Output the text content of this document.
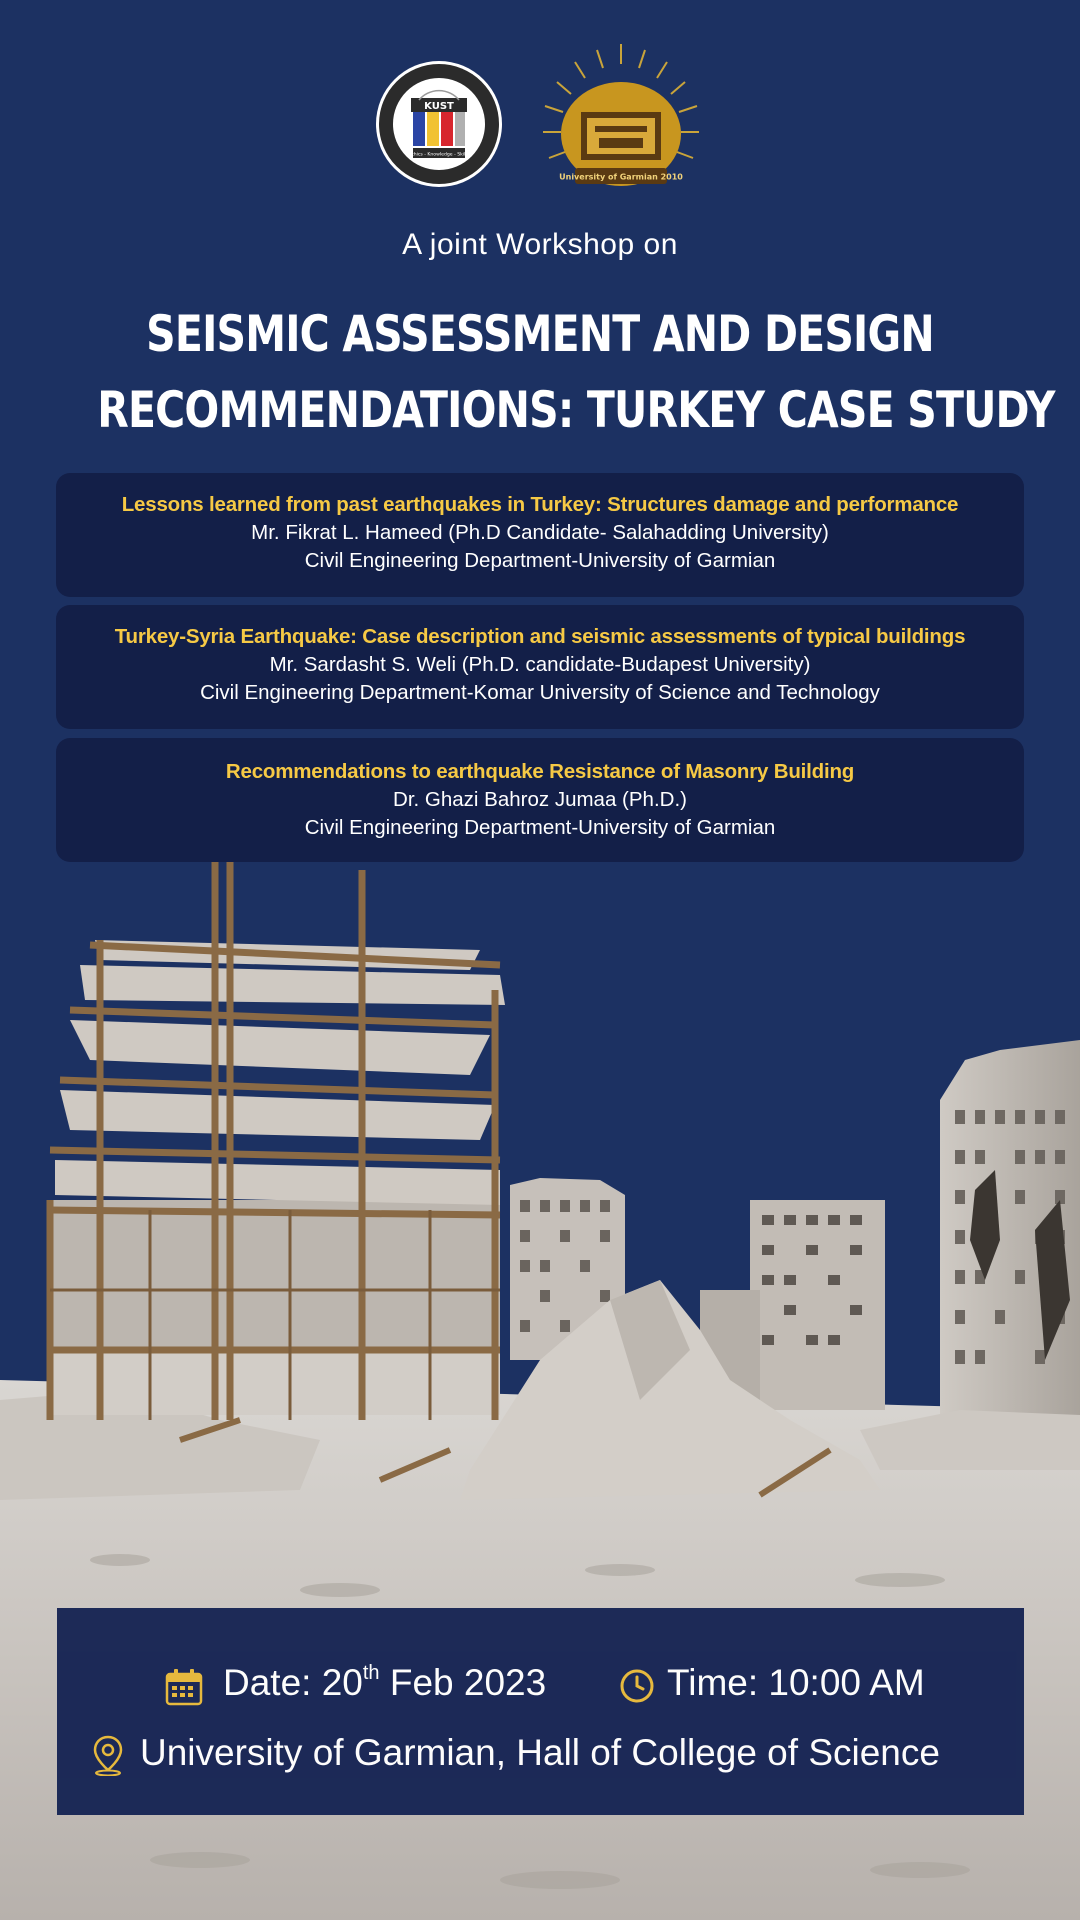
KUST
Ethics - Knowledge - Skills
University of Garmian 2010
A joint Workshop on
SEISMIC ASSESSMENT AND DESIGN
RECOMMENDATIONS: TURKEY CASE STUDY
Lessons learned from past earthquakes in Turkey: Structures damage and performance
Mr. Fikrat L. Hameed (Ph.D Candidate- Salahadding University)
Civil Engineering Department-University of Garmian
Turkey-Syria Earthquake: Case description and seismic assessments of typical buildings
Mr. Sardasht S. Weli (Ph.D. candidate-Budapest University)
Civil Engineering Department-Komar University of Science and Technology
Recommendations to earthquake Resistance of Masonry Building
Dr. Ghazi Bahroz Jumaa (Ph.D.)
Civil Engineering Department-University of Garmian
Date: 20th Feb 2023	Time: 10:00 AM
University of Garmian, Hall of College of Science
